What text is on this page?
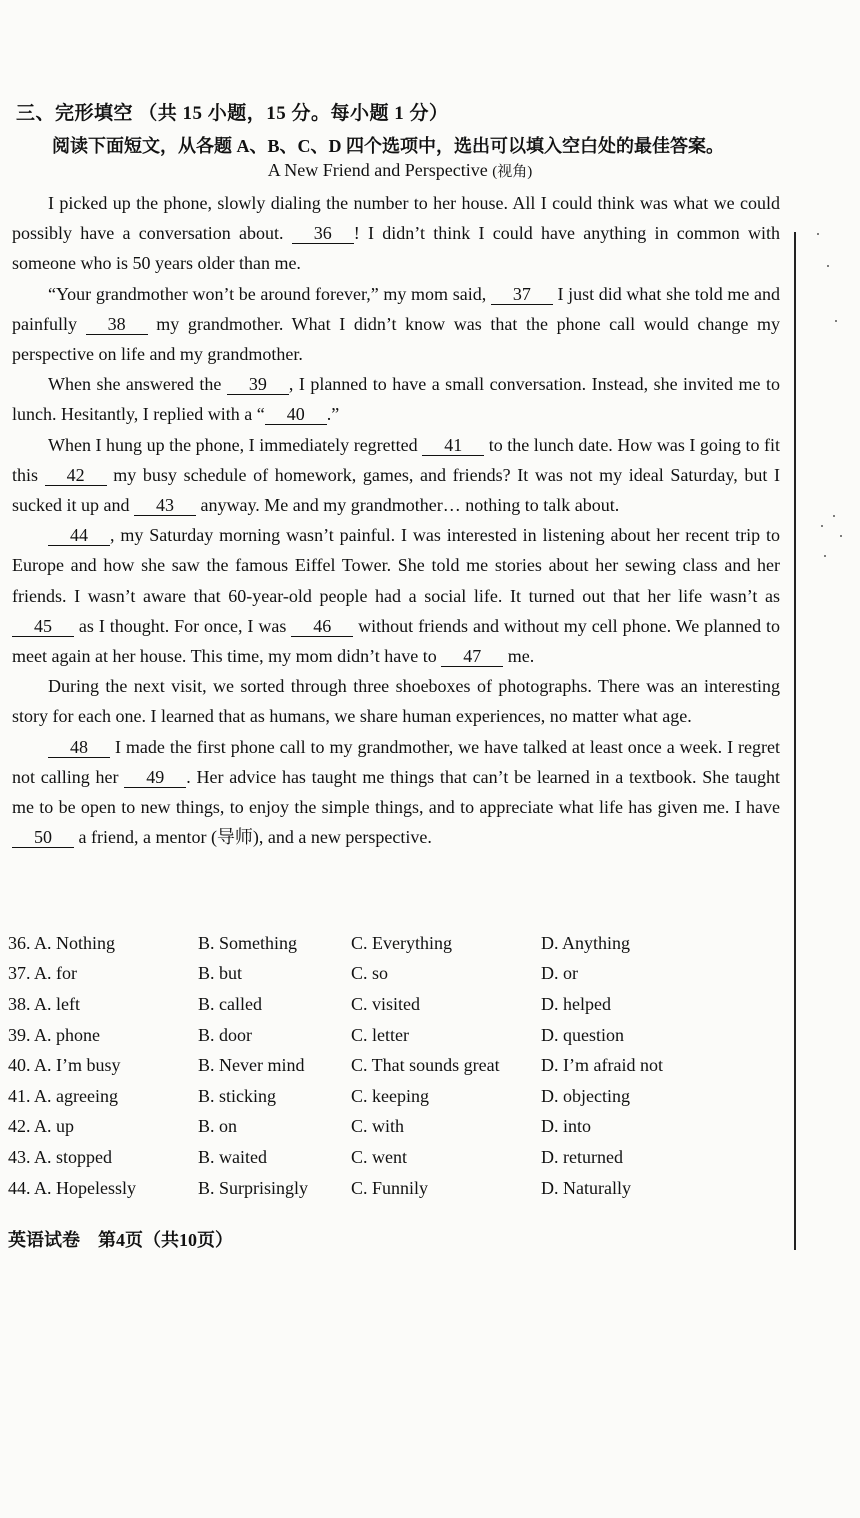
三、完形填空 （共 15 小题，15 分。每小题 1 分）
阅读下面短文，从各题 A、B、C、D 四个选项中，选出可以填入空白处的最佳答案。
A New Friend and Perspective (视角)

I picked up the phone, slowly dialing the number to her house. All I could think was what we could possibly have a conversation about. 36 ! I didn’t think I could have anything in common with someone who is 50 years older than me.

“Your grandmother won’t be around forever,” my mom said, 37 I just did what she told me and painfully 38 my grandmother. What I didn’t know was that the phone call would change my perspective on life and my grandmother.

When she answered the 39 , I planned to have a small conversation. Instead, she invited me to lunch. Hesitantly, I replied with a “ 40 .”

When I hung up the phone, I immediately regretted 41 to the lunch date. How was I going to fit this 42 my busy schedule of homework, games, and friends? It was not my ideal Saturday, but I sucked it up and 43 anyway. Me and my grandmother… nothing to talk about.

44 , my Saturday morning wasn’t painful. I was interested in listening about her recent trip to Europe and how she saw the famous Eiffel Tower. She told me stories about her sewing class and her friends. I wasn’t aware that 60-year-old people had a social life. It turned out that her life wasn’t as 45 as I thought. For once, I was 46 without friends and without my cell phone. We planned to meet again at her house. This time, my mom didn’t have to 47 me.

During the next visit, we sorted through three shoeboxes of photographs. There was an interesting story for each one. I learned that as humans, we share human experiences, no matter what age.

48 I made the first phone call to my grandmother, we have talked at least once a week. I regret not calling her 49 . Her advice has taught me things that can’t be learned in a textbook. She taught me to be open to new things, to enjoy the simple things, and to appreciate what life has given me. I have 50 a friend, a mentor (导师), and a new perspective.

36. A. Nothing	B. Something	C. Everything	D. Anything
37. A. for	B. but	C. so	D. or
38. A. left	B. called	C. visited	D. helped
39. A. phone	B. door	C. letter	D. question
40. A. I’m busy	B. Never mind	C. That sounds great	D. I’m afraid not
41. A. agreeing	B. sticking	C. keeping	D. objecting
42. A. up	B. on	C. with	D. into
43. A. stopped	B. waited	C. went	D. returned
44. A. Hopelessly	B. Surprisingly	C. Funnily	D. Naturally
英语试卷　第4页（共10页）
